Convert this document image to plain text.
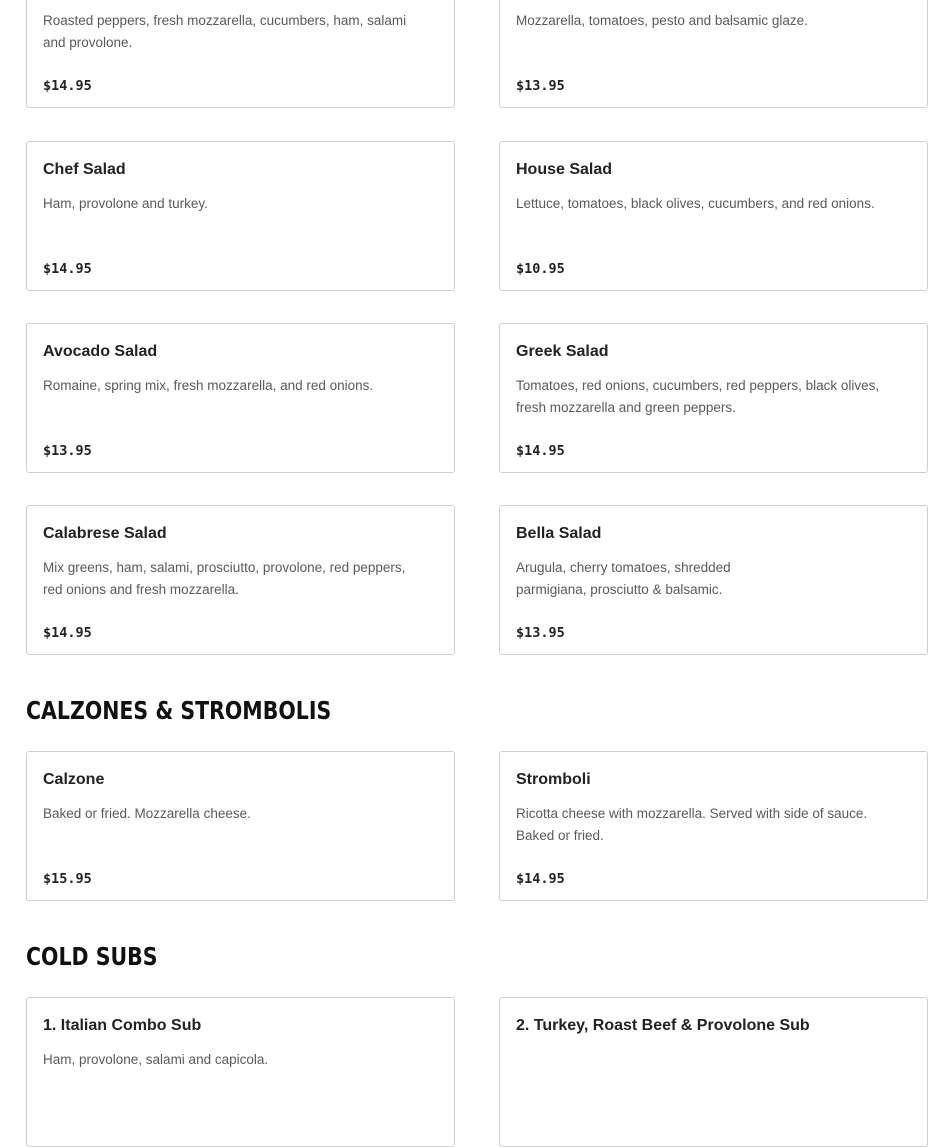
Roasted peppers, fresh mozzarella, cucumbers, ham, salami and provolone.
$14.95
Mozzarella, tomatoes, pesto and balsamic glaze.
$13.95
Chef Salad
Ham, provolone and turkey.
$14.95
House Salad
Lettuce, tomatoes, black olives, cucumbers, and red onions.
$10.95
Avocado Salad
Romaine, spring mix, fresh mozzarella, and red onions.
$13.95
Greek Salad
Tomatoes, red onions, cucumbers, red peppers, black olives, fresh mozzarella and green peppers.
$14.95
Calabrese Salad
Mix greens, ham, salami, prosciutto, provolone, red peppers, red onions and fresh mozzarella.
$14.95
Bella Salad
Arugula, cherry tomatoes, shredded parmigiana, prosciutto & balsamic.
$13.95
CALZONES & STROMBOLIS
Calzone
Baked or fried. Mozzarella cheese.
$15.95
Stromboli
Ricotta cheese with mozzarella. Served with side of sauce. Baked or fried.
$14.95
COLD SUBS
1. Italian Combo Sub
Ham, provolone, salami and capicola.
2. Turkey, Roast Beef & Provolone Sub
